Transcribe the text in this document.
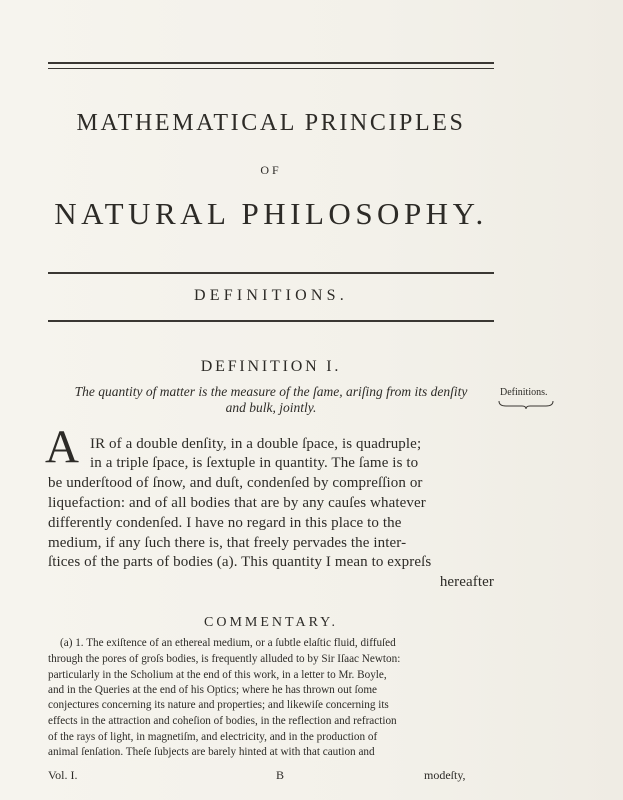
MATHEMATICAL PRINCIPLES
OF
NATURAL PHILOSOPHY.
DEFINITIONS.
DEFINITION I.
The quantity of matter is the measure of the ſame, ariſing from its denſity
and bulk, jointly.
Definitions.
A IR of a double denſity, in a double ſpace, is quadruple;
in a triple ſpace, is ſextuple in quantity. The ſame is to
be underſtood of ſnow, and duſt, condenſed by compreſſion or
liquefaction: and of all bodies that are by any cauſes whatever
differently condenſed. I have no regard in this place to the
medium, if any ſuch there is, that freely pervades the inter-
ſtices of the parts of bodies (a). This quantity I mean to expreſs
hereafter
COMMENTARY.
(a) 1. The exiſtence of an ethereal medium, or a ſubtle elaſtic fluid, diffuſed
through the pores of groſs bodies, is frequently alluded to by Sir Iſaac Newton:
particularly in the Scholium at the end of this work, in a letter to Mr. Boyle,
and in the Queries at the end of his Optics; where he has thrown out ſome
conjectures concerning its nature and properties; and likewiſe concerning its
effects in the attraction and coheſion of bodies, in the reflection and refraction
of the rays of light, in magnetiſm, and electricity, and in the production of
animal ſenſation. Theſe ſubjects are barely hinted at with that caution and
Vol. I.	B	modeſty,
